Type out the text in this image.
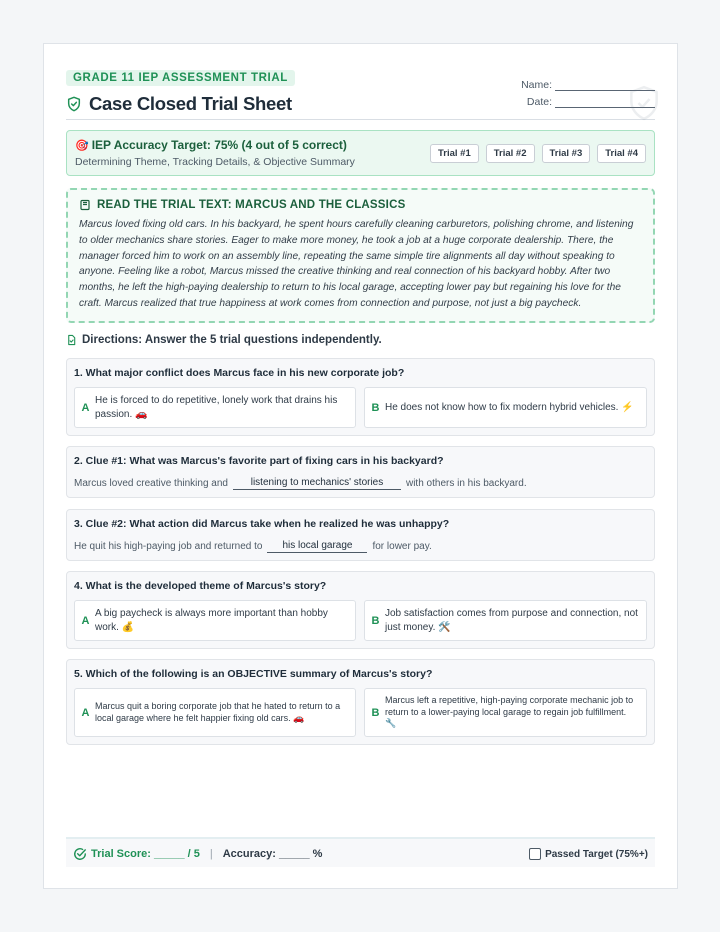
GRADE 11 IEP ASSESSMENT TRIAL
Case Closed Trial Sheet
Name:
Date:
🎯 IEP Accuracy Target: 75% (4 out of 5 correct)
Determining Theme, Tracking Details, & Objective Summary
Trial #1	Trial #2	Trial #3	Trial #4
READ THE TRIAL TEXT: MARCUS AND THE CLASSICS
Marcus loved fixing old cars. In his backyard, he spent hours carefully cleaning carburetors, polishing chrome, and listening to older mechanics share stories. Eager to make more money, he took a job at a huge corporate dealership. There, the manager forced him to work on an assembly line, repeating the same simple tire alignments all day without speaking to anyone. Feeling like a robot, Marcus missed the creative thinking and real connection of his backyard hobby. After two months, he left the high-paying dealership to return to his local garage, accepting lower pay but regaining his love for the craft. Marcus realized that true happiness at work comes from connection and purpose, not just a big paycheck.
Directions: Answer the 5 trial questions independently.
1. What major conflict does Marcus face in his new corporate job?
A
He is forced to do repetitive, lonely work that drains his passion. 🚗
B He does not know how to fix modern hybrid vehicles. ⚡
2. Clue #1: What was Marcus's favorite part of fixing cars in his backyard?
Marcus loved creative thinking and	listening to mechanics' stories	with others in his backyard.
3. Clue #2: What action did Marcus take when he realized he was unhappy?
He quit his high-paying job and returned to	his local garage	for lower pay.
4. What is the developed theme of Marcus's story?
A
A big paycheck is always more important than hobby work. 💰
B
Job satisfaction comes from purpose and connection, not just money. 🛠️
5. Which of the following is an OBJECTIVE summary of Marcus's story?
A
Marcus quit a boring corporate job that he hated to return to a local garage where he felt happier fixing old cars. 🚗	B
Marcus left a repetitive, high-paying corporate mechanic job to return to a lower-paying local garage to regain job fulfillment. 🔧
Trial Score: _____ / 5 | Accuracy: _____ %	Passed Target (75%+)
